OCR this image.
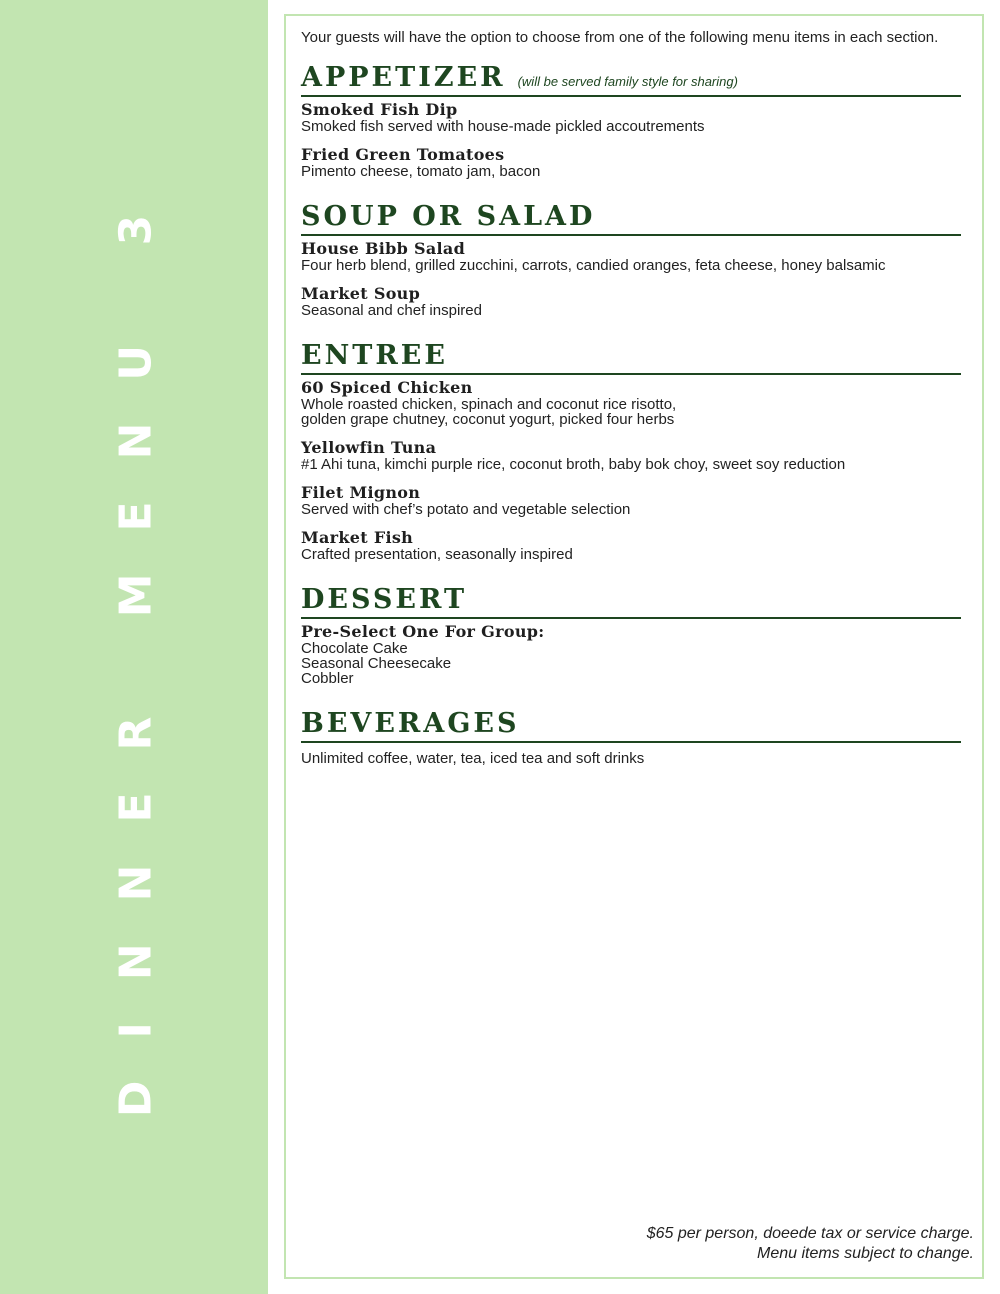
DINNER MENU 3

Your guests will have the option to choose from one of the following menu items in each section.

APPETIZER (will be served family style for sharing)
Smoked Fish Dip
Smoked fish served with house-made pickled accoutrements
Fried Green Tomatoes
Pimento cheese, tomato jam, bacon
SOUP OR SALAD
House Bibb Salad
Four herb blend, grilled zucchini, carrots, candied oranges, feta cheese, honey balsamic
Market Soup
Seasonal and chef inspired
ENTREE
60 Spiced Chicken
Whole roasted chicken, spinach and coconut rice risotto,
golden grape chutney, coconut yogurt, picked four herbs
Yellowfin Tuna
#1 Ahi tuna, kimchi purple rice, coconut broth, baby bok choy, sweet soy reduction
Filet Mignon
Served with chef’s potato and vegetable selection
Market Fish
Crafted presentation, seasonally inspired
DESSERT
Pre-Select One For Group:
Chocolate Cake
Seasonal Cheesecake
Cobbler
BEVERAGES
Unlimited coffee, water, tea, iced tea and soft drinks
$65 per person, doeede tax or service charge.
Menu items subject to change.
